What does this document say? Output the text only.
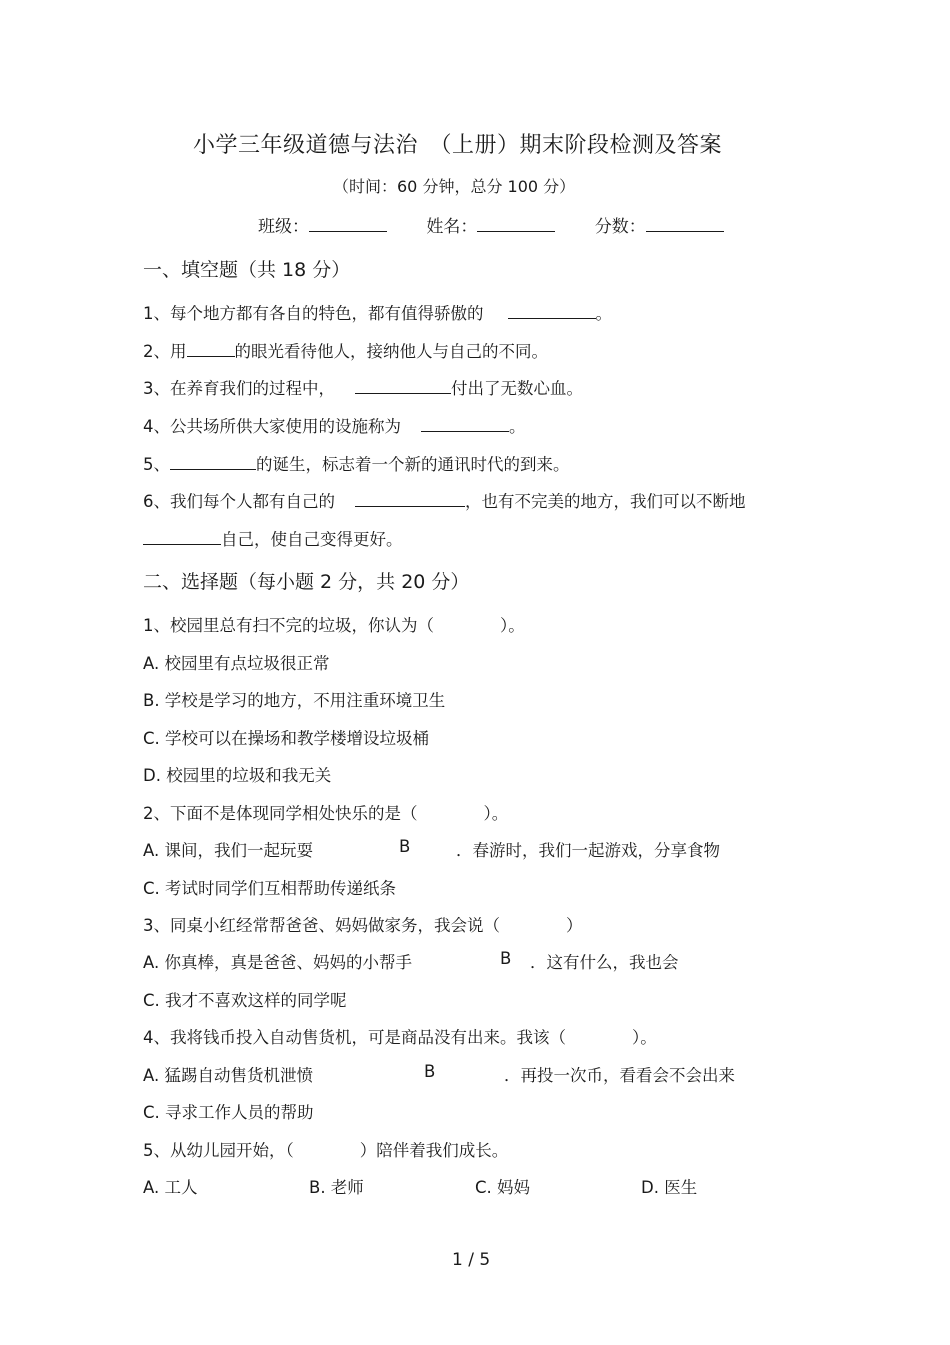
小学三年级道德与法治　（上册）期末阶段检测及答案
（时间：60 分钟，总分 100 分）
班级：	姓名：	分数：
一、填空题（共 18 分）
1、每个地方都有各自的特色，都有值得骄傲的	。
2、用	的眼光看待他人，接纳他人与自己的不同。
3、在养育我们的过程中，	付出了无数心血。
4、公共场所供大家使用的设施称为	。
5、	的诞生，标志着一个新的通讯时代的到来。
6、我们每个人都有自己的	，也有不完美的地方，我们可以不断地
自己，使自己变得更好。
二、选择题（每小题 2 分，共 20 分）
1、校园里总有扫不完的垃圾，你认为（　　　　）。
A. 校园里有点垃圾很正常
B. 学校是学习的地方，不用注重环境卫生
C. 学校可以在操场和教学楼增设垃圾桶
D. 校园里的垃圾和我无关
2、下面不是体现同学相处快乐的是（　　　　）。
A. 课间，我们一起玩耍	B	．春游时，我们一起游戏，分享食物
C. 考试时同学们互相帮助传递纸条
3、同桌小红经常帮爸爸、妈妈做家务，我会说（　　　　）
A. 你真棒，真是爸爸、妈妈的小帮手	B ．这有什么，我也会
C. 我才不喜欢这样的同学呢
4、我将钱币投入自动售货机，可是商品没有出来。我该（　　　　）。
A. 猛踢自动售货机泄愤	B	．再投一次币，看看会不会出来
C. 寻求工作人员的帮助
5、从幼儿园开始，（　　　　）陪伴着我们成长。
A. 工人	B. 老师	C. 妈妈	D. 医生
1 / 5
